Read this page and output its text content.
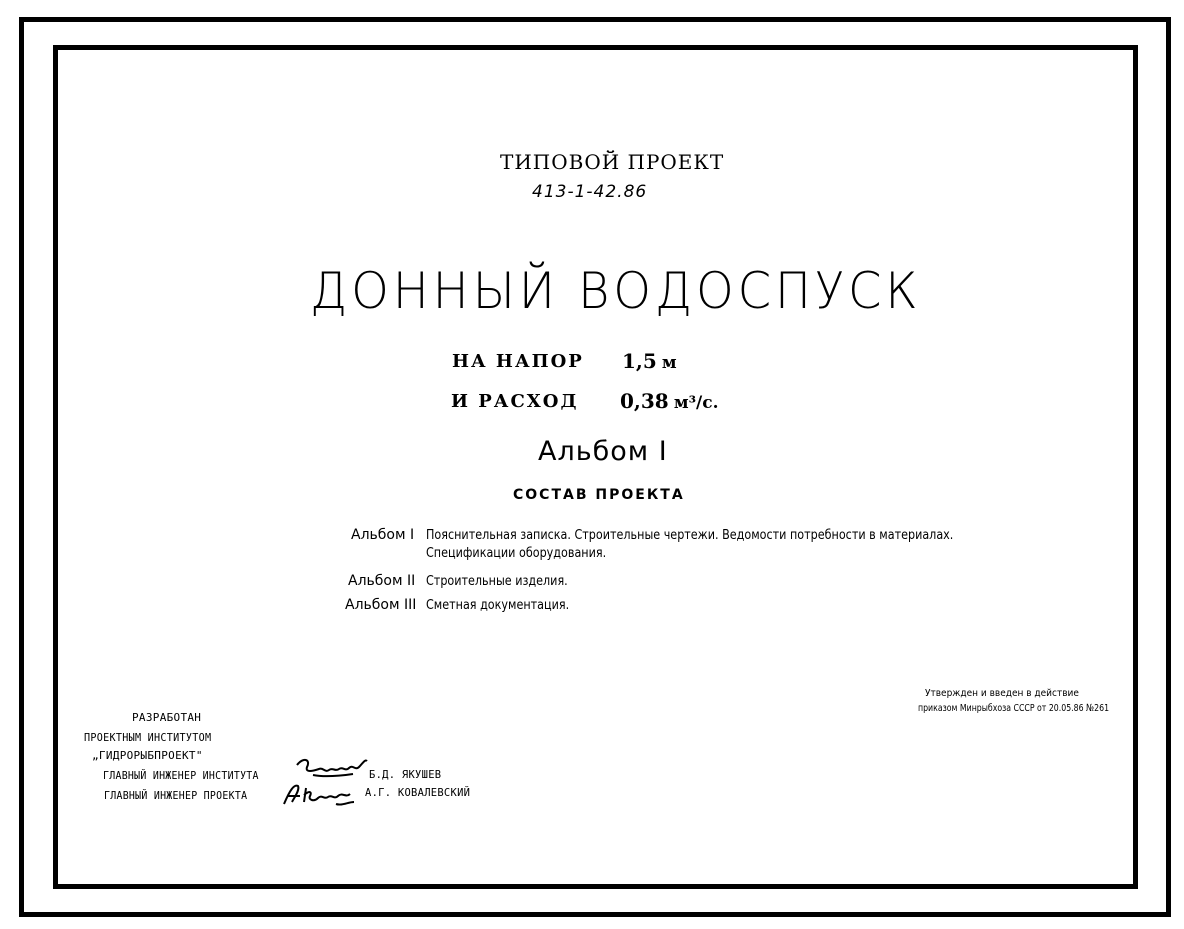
ТИПОВОЙ ПРОЕКТ
413-1-42.86
ДОННЫЙ ВОДОСПУСК
НА НАПОР 1,5 м
И РАСХОД 0,38 м³/с.
Альбом I
СОСТАВ ПРОЕКТА
Альбом I Пояснительная записка. Строительные чертежи. Ведомости потребности в материалах.
Спецификации оборудования.
Альбом II Строительные изделия.
Альбом III Сметная документация.
Утвержден и введен в действие
приказом Минрыбхоза СССР от 20.05.86 №261
РАЗРАБОТАН
ПРОЕКТНЫМ ИНСТИТУТОМ
„ГИДРОРЫБПРОЕКТ"
ГЛАВНЫЙ ИНЖЕНЕР ИНСТИТУТА
ГЛАВНЫЙ ИНЖЕНЕР ПРОЕКТА
Б.Д. ЯКУШЕВ
А.Г. КОВАЛЕВСКИЙ
